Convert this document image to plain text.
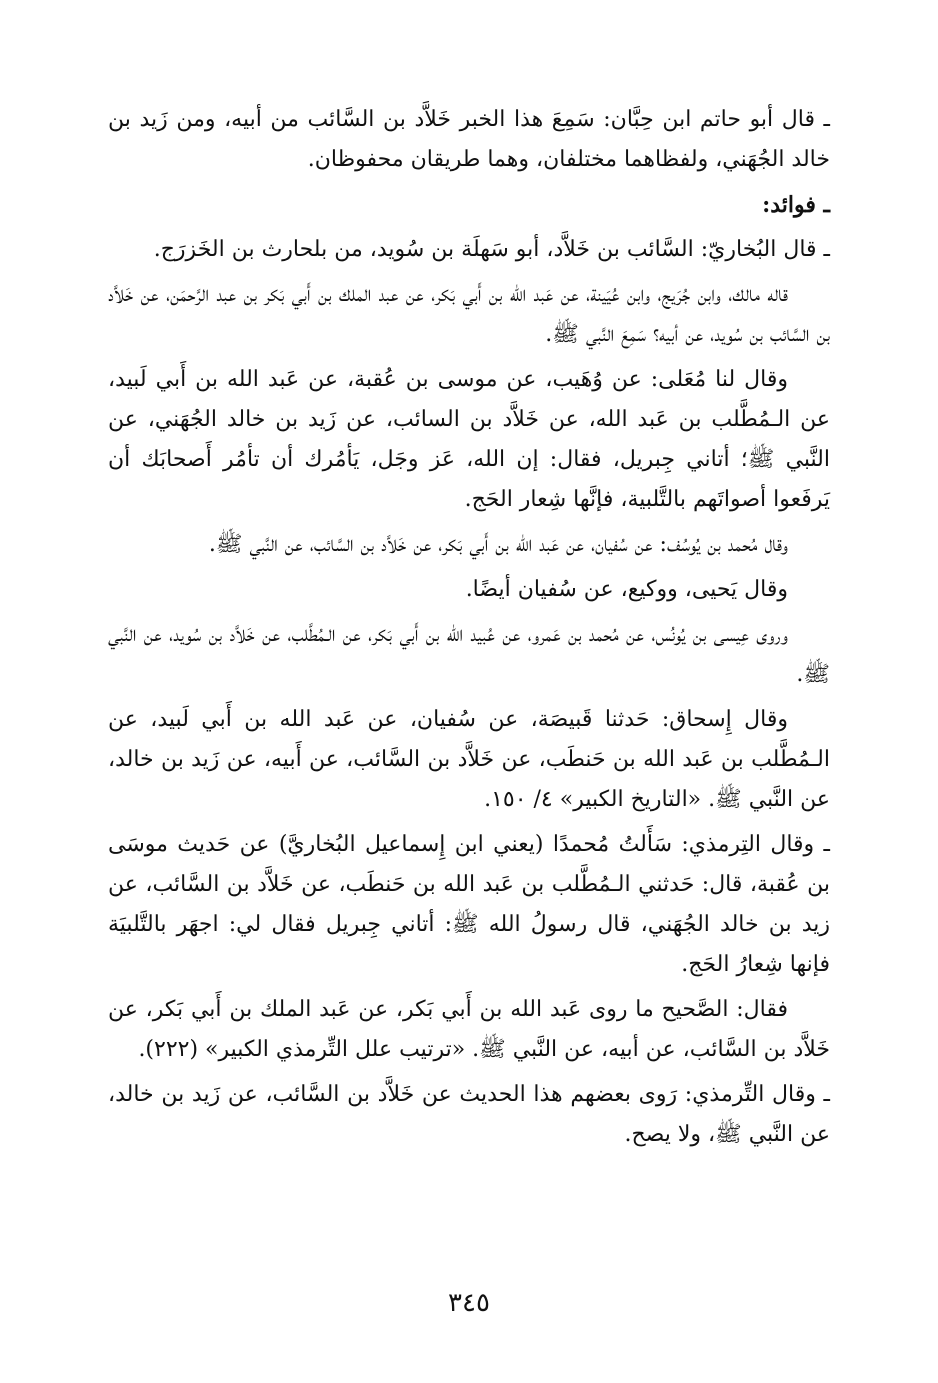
ـ قال أبو حاتم ابن حِبَّان: سَمِعَ هذا الخبر خَلاَّد بن السَّائب من أبيه، ومن زَيد بن خالد الجُهَني، ولفظاهما مختلفان، وهما طريقان محفوظان.

ـ فوائد:

ـ قال البُخاريّ: السَّائب بن خَلاَّد، أبو سَهلَة بن سُويد، من بلحارث بن الخَزرَج.

قاله مالك، وابن جُرَيج، وابن عُيَينة، عن عَبد الله بن أَبي بَكر، عن عبد الملك بن أَبي بَكر بن عبد الرَّحمَن، عن خَلاَّد بن السَّائب بن سُويد، عن أبيه؟ سَمِعَ النَّبي ﷺ.

وقال لنا مُعَلى: عن وُهَيب، عن موسى بن عُقبة، عن عَبد الله بن أَبي لَبيد، عن الـمُطَّلب بن عَبد الله، عن خَلاَّد بن السائب، عن زَيد بن خالد الجُهَني، عن النَّبي ﷺ؛ أتاني جِبريل، فقال: إن الله، عَز وجَل، يَأمُرك أن تأمُر أَصحابَك أن يَرفَعوا أصواتَهم بالتَّلبية، فإنَّها شِعار الحَج.

وقال مُحمد بن يُوسُف: عن سُفيان، عن عَبد الله بن أَبي بَكر، عن خَلاَّد بن السَّائب، عن النَّبي ﷺ.

وقال يَحيى، ووكيع، عن سُفيان أيضًا.

وروى عِيسى بن يُونُس، عن مُحمد بن عَمرو، عن عُبيد الله بن أَبي بَكر، عن الـمُطَّلب، عن خَلاَّد بن سُويد، عن النَّبي ﷺ.

وقال إِسحاق: حَدثنا قَبيصَة، عن سُفيان، عن عَبد الله بن أَبي لَبيد، عن الـمُطَّلب بن عَبد الله بن حَنطَب، عن خَلاَّد بن السَّائب، عن أَبيه، عن زَيد بن خالد، عن النَّبي ﷺ. «التاريخ الكبير» ٤/ ١٥٠.

ـ وقال التِرمذي: سَأَلتُ مُحمدًا (يعني ابن إِسماعيل البُخاريَّ) عن حَديث موسَى بن عُقبة، قال: حَدثني الـمُطَّلب بن عَبد الله بن حَنطَب، عن خَلاَّد بن السَّائب، عن زيد بن خالد الجُهَني، قال رسولُ الله ﷺ: أتاني جِبريل فقال لي: اجهَر بالتَّلبيَة فإنها شِعارُ الحَج.

فقال: الصَّحيح ما روى عَبد الله بن أَبي بَكر، عن عَبد الملك بن أَبي بَكر، عن خَلاَّد بن السَّائب، عن أبيه، عن النَّبي ﷺ. «ترتيب علل التِّرمذي الكبير» (٢٢٢).

ـ وقال التِّرمذي: رَوى بعضهم هذا الحديث عن خَلاَّد بن السَّائب، عن زَيد بن خالد، عن النَّبي ﷺ، ولا يصح.

٣٤٥
